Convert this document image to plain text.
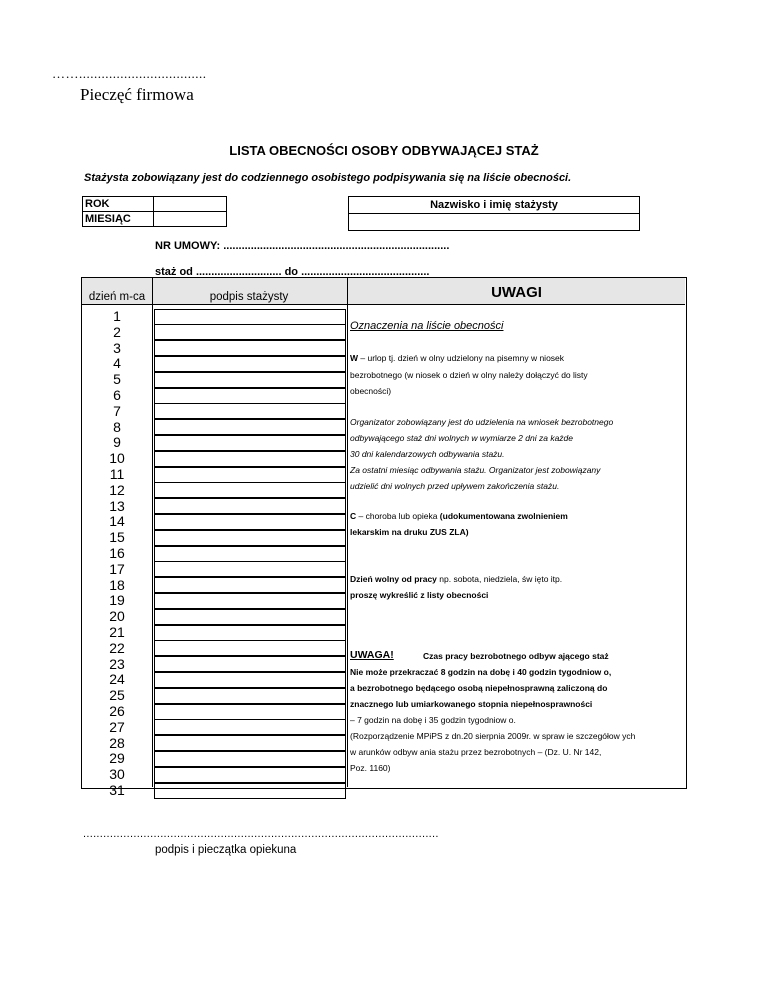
……..................................
Pieczęć firmowa
LISTA OBECNOŚCI OSOBY ODBYWAJĄCEJ STAŻ
Stażysta zobowiązany jest do codziennego osobistego podpisywania się na liście obecności.
ROK	
MIESIĄC	
Nazwisko i imię stażysty

NR UMOWY: ..........................................................................
staż od ............................ do ..........................................
dzień m-ca	podpis stażysty	UWAGI
1
2
3
4
5
6
7
8
9
10
11
12
13
14
15
16
17
18
19
20
21
22
23
24
25
26
27
28
29
30
31
Oznaczenia na liście obecności
W – urlop tj. dzień w olny udzielony na pisemny w niosek
bezrobotnego (w niosek o dzień w olny należy dołączyć do listy
obecności)
Organizator zobowiązany jest do udzielenia na wniosek bezrobotnego
odbywającego staż dni wolnych w wymiarze 2 dni za każde
30 dni kalendarzowych odbywania stażu.
Za ostatni miesiąc odbywania stażu. Organizator jest zobowiązany
udzielić dni wolnych przed upływem zakończenia stażu.
C – choroba lub opieka (udokumentowana zwolnieniem
lekarskim na druku ZUS ZLA)
Dzień wolny od pracy np. sobota, niedziela, św ięto itp.
proszę wykreślić z listy obecności
UWAGA!	Czas pracy bezrobotnego odbyw ającego staż
Nie może przekraczać 8 godzin na dobę i 40 godzin tygodniow o,
a bezrobotnego będącego osobą niepełnosprawną zaliczoną do
znacznego lub umiarkowanego stopnia niepełnosprawności
– 7 godzin na dobę i 35 godzin tygodniow o.
(Rozporządzenie MPiPS z dn.20 sierpnia 2009r. w spraw ie szczegółow ych
w arunków odbyw ania stażu przez bezrobotnych – (Dz. U. Nr 142,
Poz. 1160)
..........................................................................................................
podpis i pieczątka opiekuna
